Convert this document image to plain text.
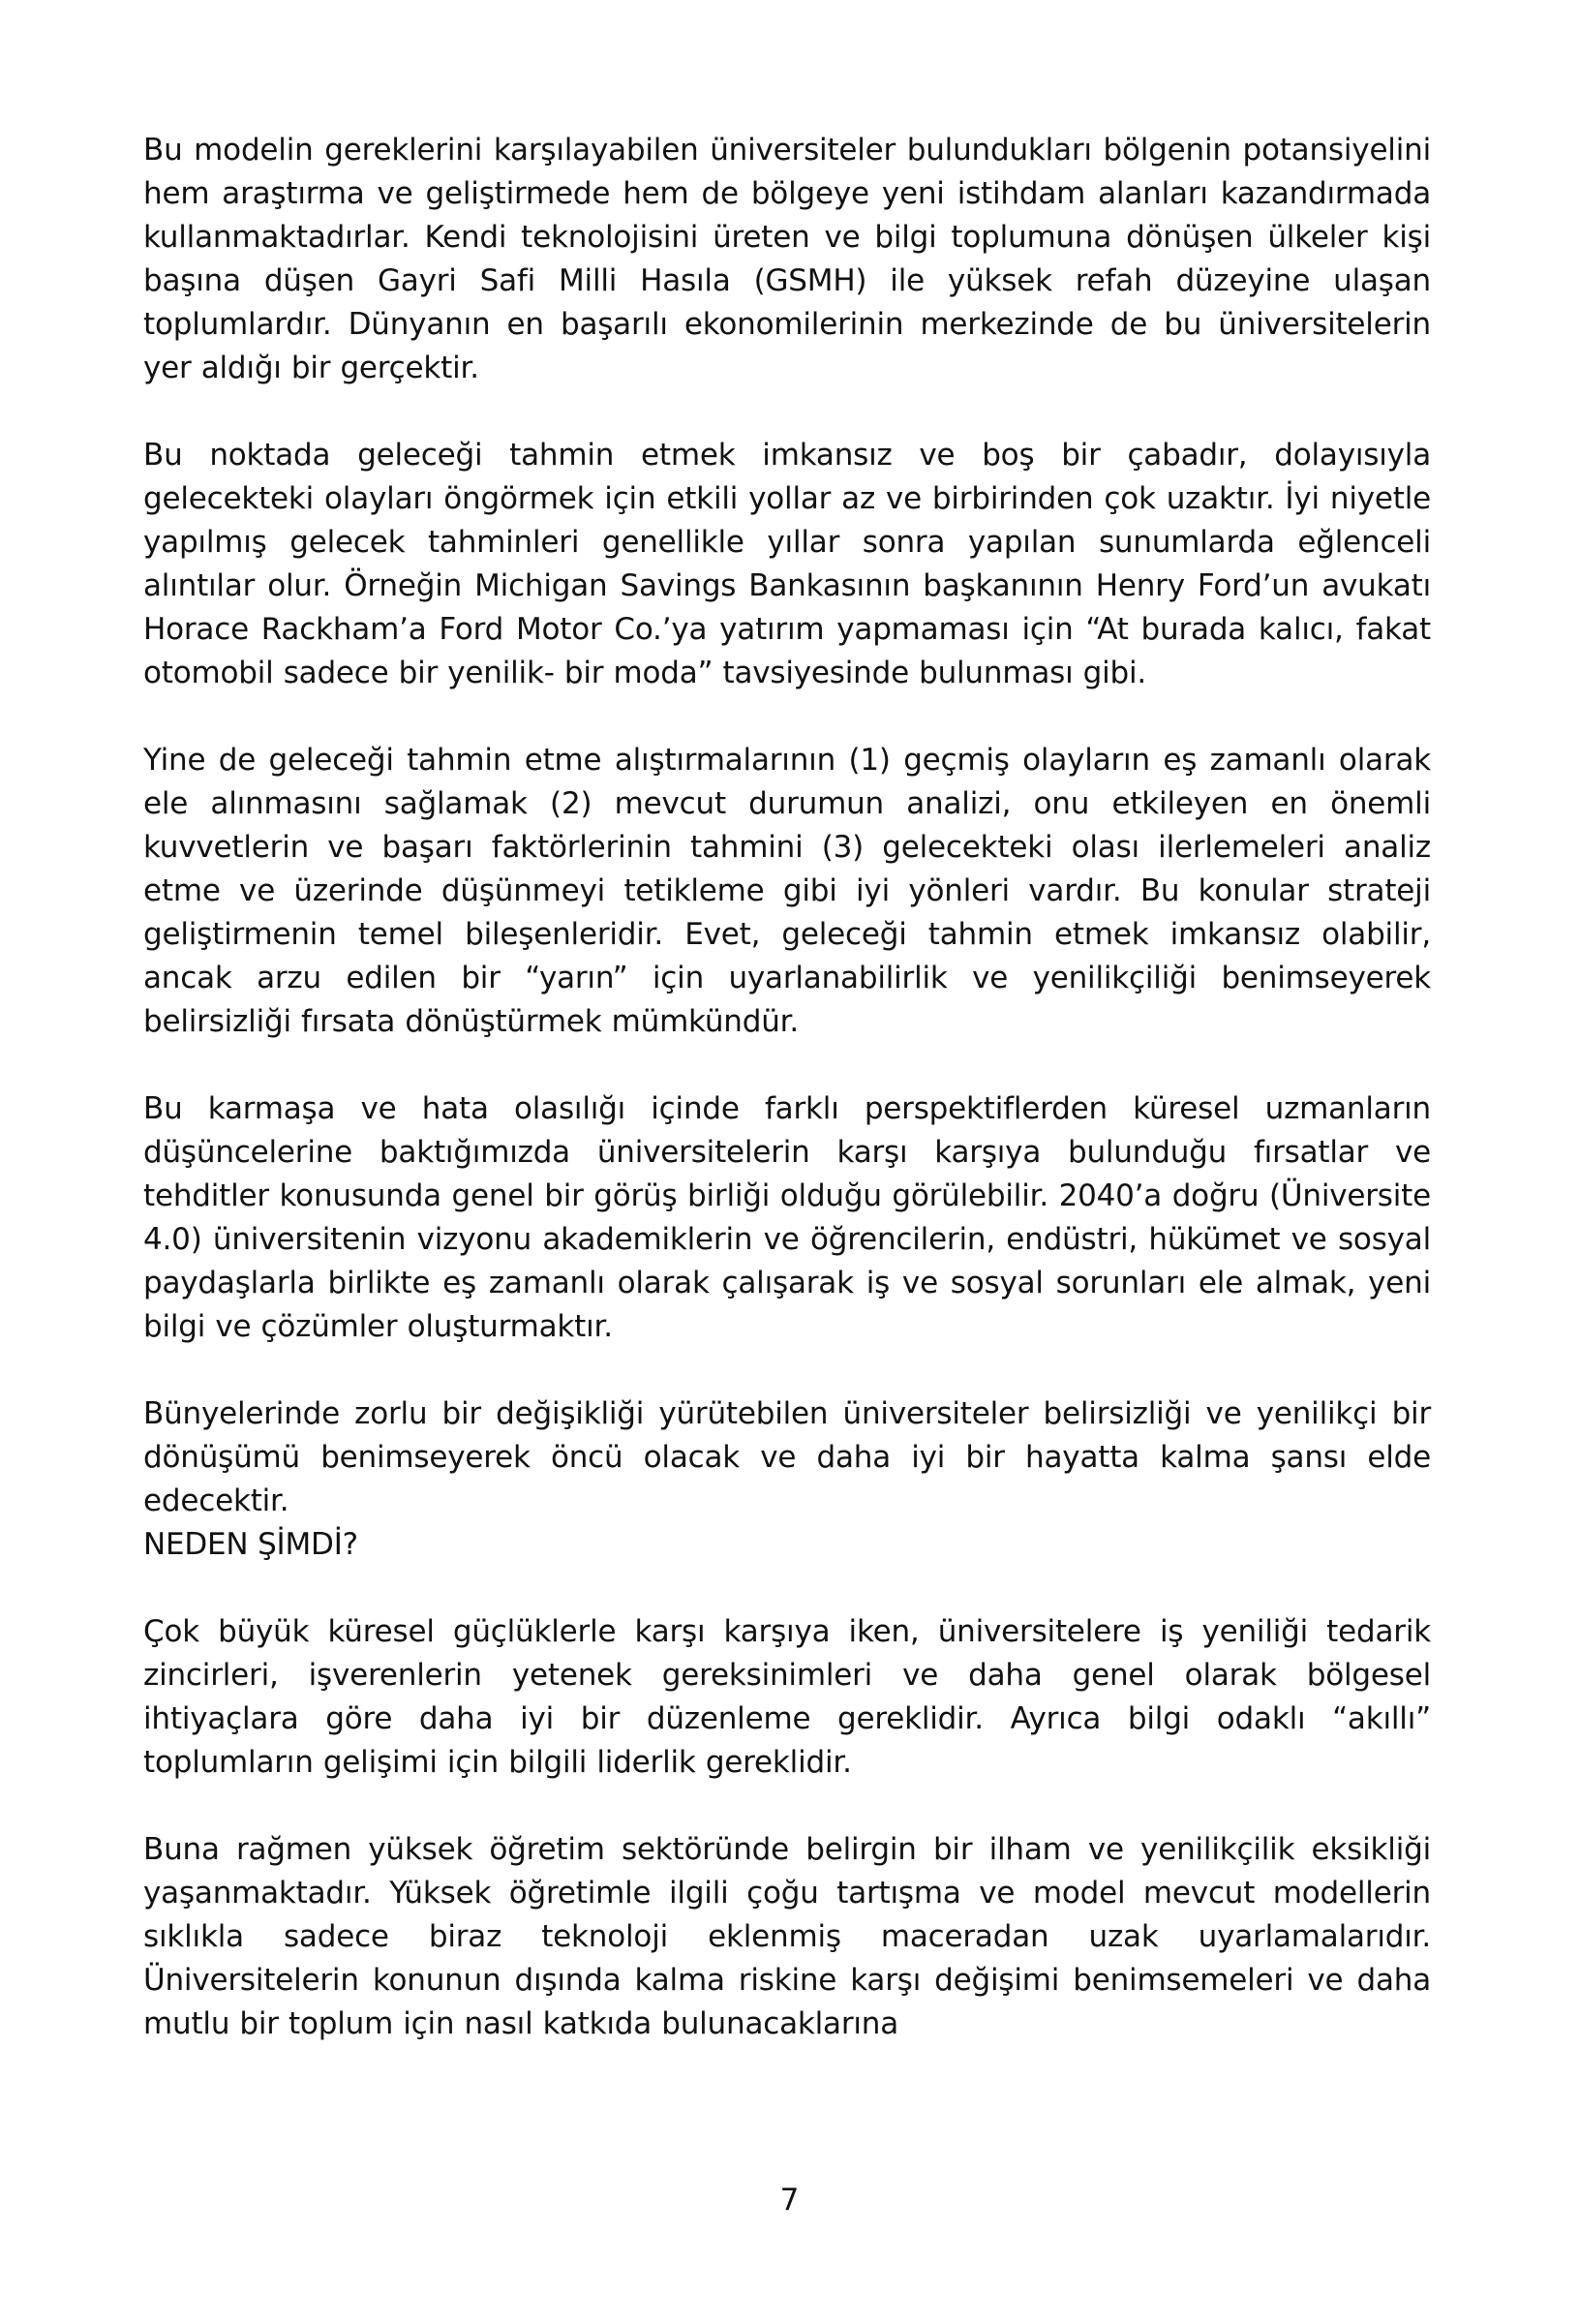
Bu modelin gereklerini karşılayabilen üniversiteler bulundukları bölgenin potansiyelini hem araştırma ve geliştirmede hem de bölgeye yeni istihdam alanları kazandırmada kullanmaktadırlar. Kendi teknolojisini üreten ve bilgi toplumuna dönüşen ülkeler kişi başına düşen Gayri Safi Milli Hasıla (GSMH) ile yüksek refah düzeyine ulaşan toplumlardır. Dünyanın en başarılı ekonomilerinin merkezinde de bu üniversitelerin yer aldığı bir gerçektir.

Bu noktada geleceği tahmin etmek imkansız ve boş bir çabadır, dolayısıyla gelecekteki olayları öngörmek için etkili yollar az ve birbirinden çok uzaktır. İyi niyetle yapılmış gelecek tahminleri genellikle yıllar sonra yapılan sunumlarda eğlenceli alıntılar olur. Örneğin Michigan Savings Bankasının başkanının Henry Ford’un avukatı Horace Rackham’a Ford Motor Co.’ya yatırım yapmaması için “At burada kalıcı, fakat otomobil sadece bir yenilik- bir moda” tavsiyesinde bulunması gibi.

Yine de geleceği tahmin etme alıştırmalarının (1) geçmiş olayların eş zamanlı olarak ele alınmasını sağlamak (2) mevcut durumun analizi, onu etkileyen en önemli kuvvetlerin ve başarı faktörlerinin tahmini (3) gelecekteki olası ilerlemeleri analiz etme ve üzerinde düşünmeyi tetikleme gibi iyi yönleri vardır. Bu konular strateji geliştirmenin temel bileşenleridir. Evet, geleceği tahmin etmek imkansız olabilir, ancak arzu edilen bir “yarın” için uyarlanabilirlik ve yenilikçiliği benimseyerek belirsizliği fırsata dönüştürmek mümkündür.

Bu karmaşa ve hata olasılığı içinde farklı perspektiflerden küresel uzmanların düşüncelerine baktığımızda üniversitelerin karşı karşıya bulunduğu fırsatlar ve tehditler konusunda genel bir görüş birliği olduğu görülebilir. 2040’a doğru (Üniversite 4.0) üniversitenin vizyonu akademiklerin ve öğrencilerin, endüstri, hükümet ve sosyal paydaşlarla birlikte eş zamanlı olarak çalışarak iş ve sosyal sorunları ele almak, yeni bilgi ve çözümler oluşturmaktır.

Bünyelerinde zorlu bir değişikliği yürütebilen üniversiteler belirsizliği ve yenilikçi bir dönüşümü benimseyerek öncü olacak ve daha iyi bir hayatta kalma şansı elde edecektir.

NEDEN ŞİMDİ?

Çok büyük küresel güçlüklerle karşı karşıya iken, üniversitelere iş yeniliği tedarik zincirleri, işverenlerin yetenek gereksinimleri ve daha genel olarak bölgesel ihtiyaçlara göre daha iyi bir düzenleme gereklidir. Ayrıca bilgi odaklı “akıllı” toplumların gelişimi için bilgili liderlik gereklidir.

Buna rağmen yüksek öğretim sektöründe belirgin bir ilham ve yenilikçilik eksikliği yaşanmaktadır. Yüksek öğretimle ilgili çoğu tartışma ve model mevcut modellerin sıklıkla sadece biraz teknoloji eklenmiş maceradan uzak uyarlamalarıdır. Üniversitelerin konunun dışında kalma riskine karşı değişimi benimsemeleri ve daha mutlu bir toplum için nasıl katkıda bulunacaklarına

7
